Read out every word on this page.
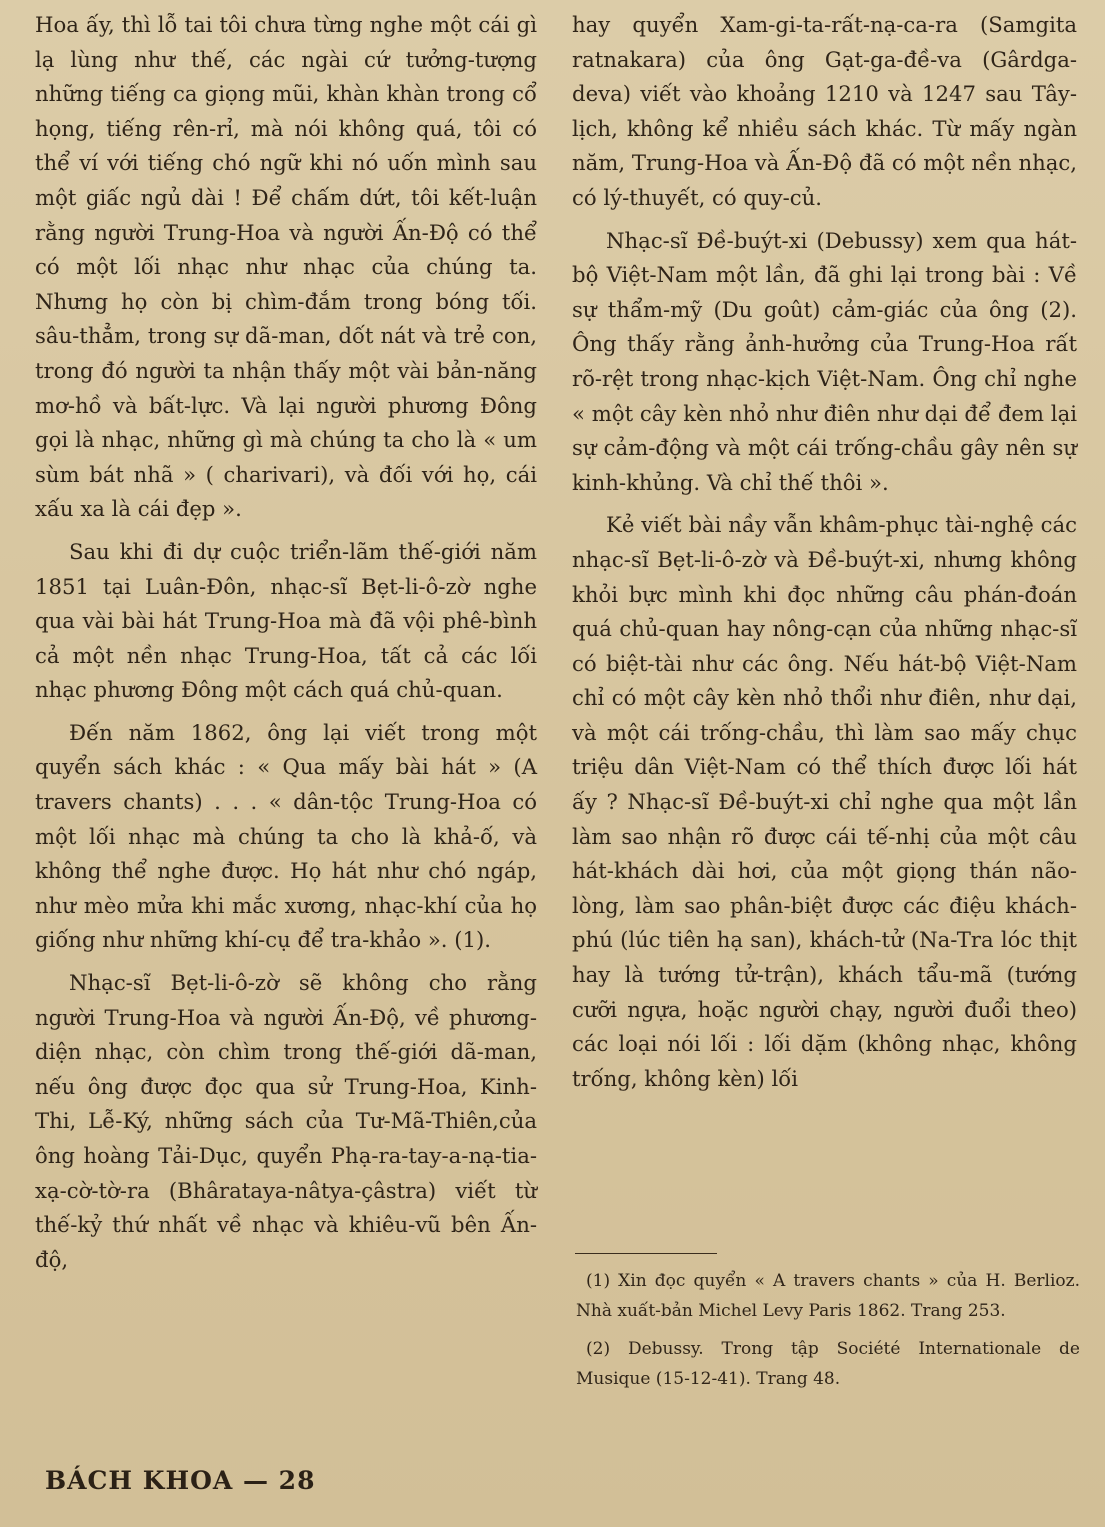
Hoa ấy, thì lỗ tai tôi chưa từng nghe một cái gì lạ lùng như thế, các ngài cứ tưởng-tượng những tiếng ca giọng mũi, khàn khàn trong cổ họng, tiếng rên-rỉ, mà nói không quá, tôi có thể ví với tiếng chó ngữ khi nó uốn mình sau một giấc ngủ dài ! Để chấm dứt, tôi kết-luận rằng người Trung-Hoa và người Ấn-Độ có thể có một lối nhạc như nhạc của chúng ta. Nhưng họ còn bị chìm-đắm trong bóng tối. sâu-thẳm, trong sự dã-man, dốt nát và trẻ con, trong đó người ta nhận thấy một vài bản-năng mơ-hồ và bất-lực. Và lại người phương Đông gọi là nhạc, những gì mà chúng ta cho là « um sùm bát nhã » ( charivari), và đối với họ, cái xấu xa là cái đẹp ».

Sau khi đi dự cuộc triển-lãm thế-giới năm 1851 tại Luân-Đôn, nhạc-sĩ Bẹt-li-ô-zờ nghe qua vài bài hát Trung-Hoa mà đã vội phê-bình cả một nền nhạc Trung-Hoa, tất cả các lối nhạc phương Đông một cách quá chủ-quan.

Đến năm 1862, ông lại viết trong một quyển sách khác : « Qua mấy bài hát » (A travers chants) . . . « dân-tộc Trung-Hoa có một lối nhạc mà chúng ta cho là khả-ố, và không thể nghe được. Họ hát như chó ngáp, như mèo mửa khi mắc xương, nhạc-khí của họ giống như những khí-cụ để tra-khảo ». (1).

Nhạc-sĩ Bẹt-li-ô-zờ sẽ không cho rằng người Trung-Hoa và người Ấn-Độ, về phương-diện nhạc, còn chìm trong thế-giới dã-man, nếu ông được đọc qua sử Trung-Hoa, Kinh-Thi, Lễ-Ký, những sách của Tư-Mã-Thiên,của ông hoàng Tải-Dục, quyển Phạ-ra-tay-a-nạ-tia-xạ-cờ-tờ-ra (Bhârataya-nâtya-çâstra) viết từ thế-kỷ thứ nhất về nhạc và khiêu-vũ bên Ấn-độ,

hay quyển Xam-gi-ta-rất-nạ-ca-ra (Samgita ratnakara) của ông Gạt-ga-đề-va (Gârdga-deva) viết vào khoảng 1210 và 1247 sau Tây-lịch, không kể nhiều sách khác. Từ mấy ngàn năm, Trung-Hoa và Ấn-Độ đã có một nền nhạc, có lý-thuyết, có quy-củ.

Nhạc-sĩ Đề-buýt-xi (Debussy) xem qua hát-bộ Việt-Nam một lần, đã ghi lại trong bài : Về sự thẩm-mỹ (Du goût) cảm-giác của ông (2). Ông thấy rằng ảnh-hưởng của Trung-Hoa rất rõ-rệt trong nhạc-kịch Việt-Nam. Ông chỉ nghe « một cây kèn nhỏ như điên như dại để đem lại sự cảm-động và một cái trống-chầu gây nên sự kinh-khủng. Và chỉ thế thôi ».

Kẻ viết bài nầy vẫn khâm-phục tài-nghệ các nhạc-sĩ Bẹt-li-ô-zờ và Đề-buýt-xi, nhưng không khỏi bực mình khi đọc những câu phán-đoán quá chủ-quan hay nông-cạn của những nhạc-sĩ có biệt-tài như các ông. Nếu hát-bộ Việt-Nam chỉ có một cây kèn nhỏ thổi như điên, như dại, và một cái trống-chầu, thì làm sao mấy chục triệu dân Việt-Nam có thể thích được lối hát ấy ? Nhạc-sĩ Đề-buýt-xi chỉ nghe qua một lần làm sao nhận rõ được cái tế-nhị của một câu hát-khách dài hơi, của một giọng thán não-lòng, làm sao phân-biệt được các điệu khách-phú (lúc tiên hạ san), khách-tử (Na-Tra lóc thịt hay là tướng tử-trận), khách tẩu-mã (tướng cưỡi ngựa, hoặc người chạy, người đuổi theo) các loại nói lối : lối dặm (không nhạc, không trống, không kèn) lối

(1) Xin đọc quyển « A travers chants » của H. Berlioz. Nhà xuất-bản Michel Levy Paris 1862. Trang 253.

(2) Debussy. Trong tập Société Internationale de Musique (15-12-41). Trang 48.

BÁCH KHOA — 28
